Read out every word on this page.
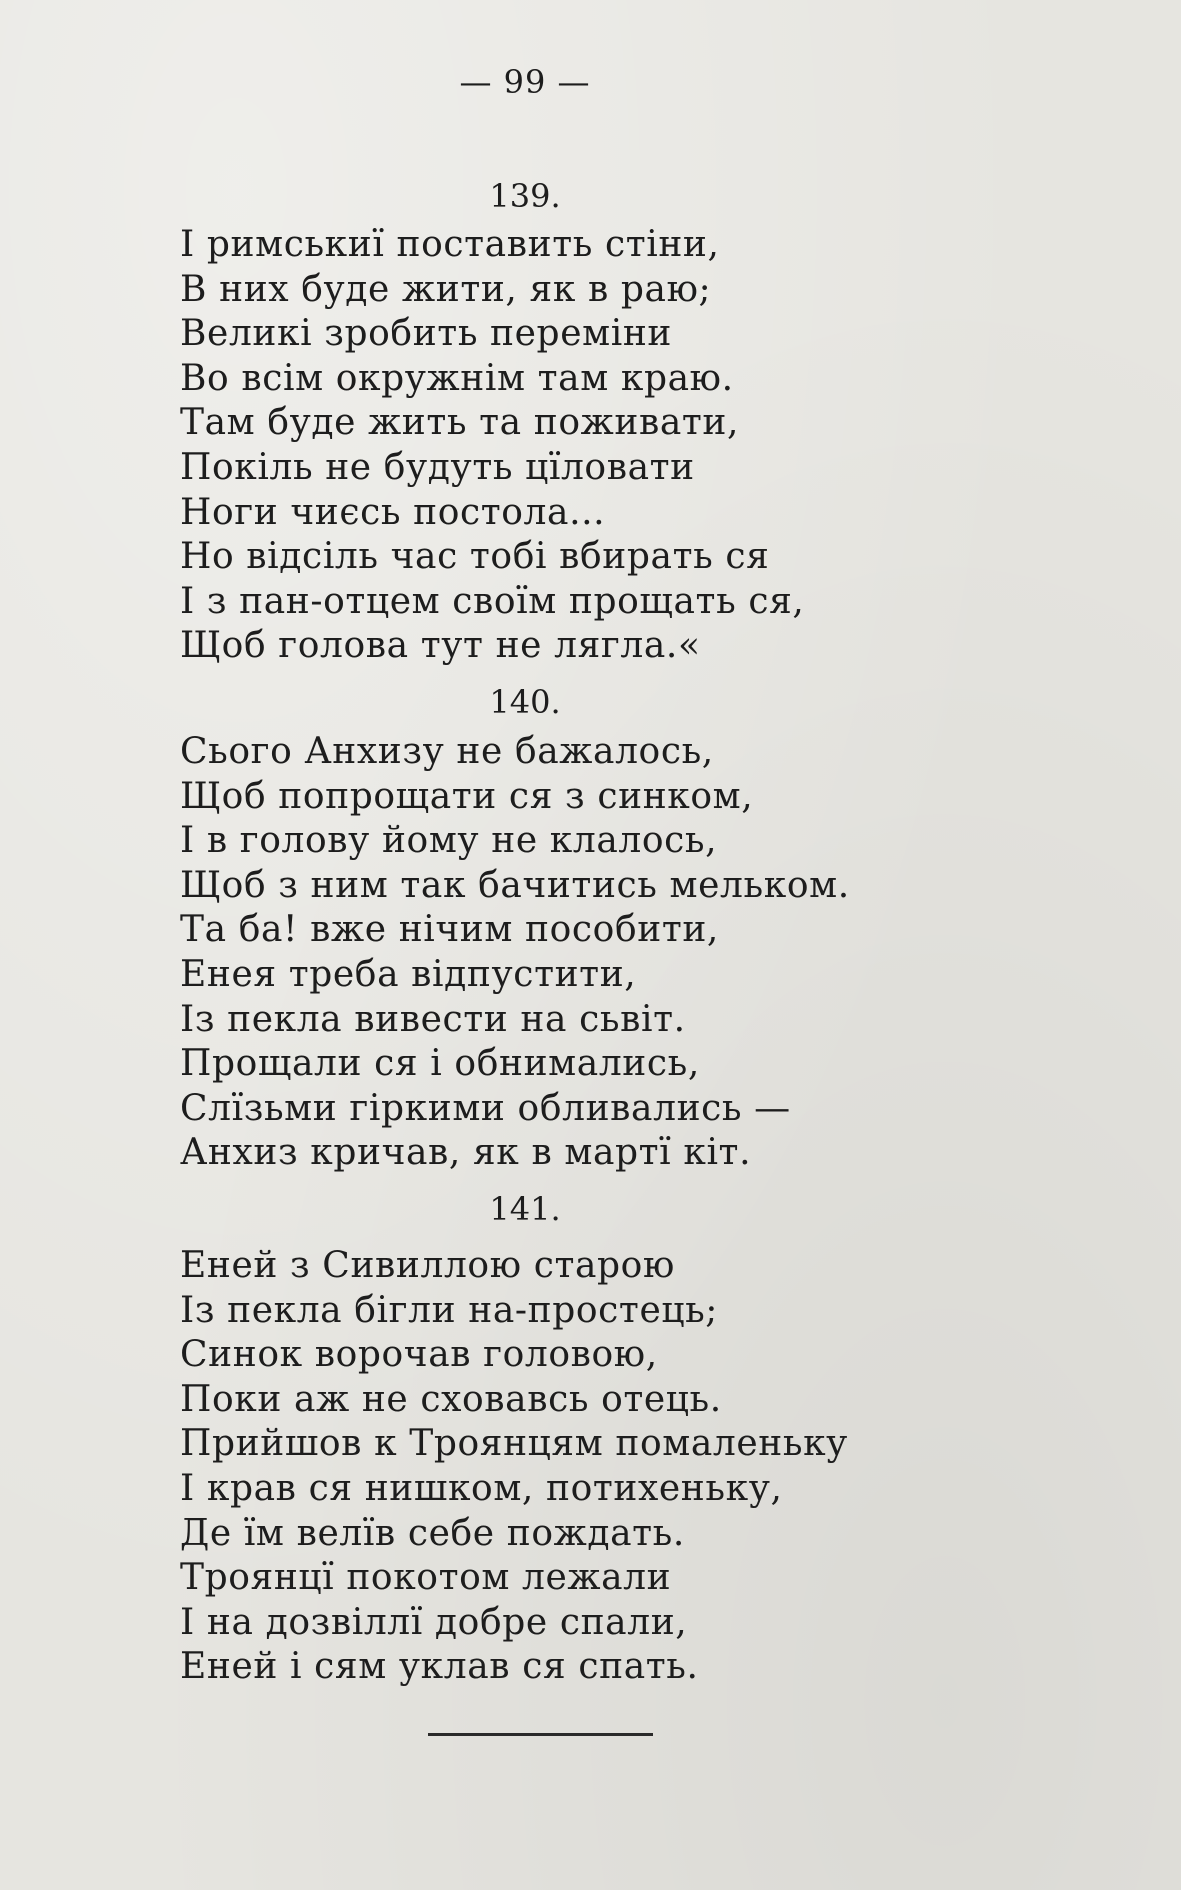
— 99 —
139.
І римськиї поставить стіни,
В них буде жити, як в раю;
Великі зробить переміни
Во всім окружнім там краю.
Там буде жить та поживати,
Покіль не будуть цїловати
Ноги чиєсь постола...
Но відсіль час тобі вбирать ся
І з пан-отцем своїм прощать ся,
Щоб голова тут не лягла.«
140.
Сього Анхизу не бажалось,
Щоб попрощати ся з синком,
І в голову йому не клалось,
Щоб з ним так бачитись мельком.
Та ба! вже нічим пособити,
Енея треба відпустити,
Із пекла вивести на сьвіт.
Прощали ся і обнимались,
Слїзьми гіркими обливались —
Анхиз кричав, як в мартї кіт.
141.
Еней з Сивиллою старою
Із пекла бігли на-простець;
Синок ворочав головою,
Поки аж не сховавсь отець.
Прийшов к Троянцям помаленьку
І крав ся нишком, потихеньку,
Де їм велїв себе пождать.
Троянцї покотом лежали
І на дозвіллї добре спали,
Еней і сям уклав ся спать.
